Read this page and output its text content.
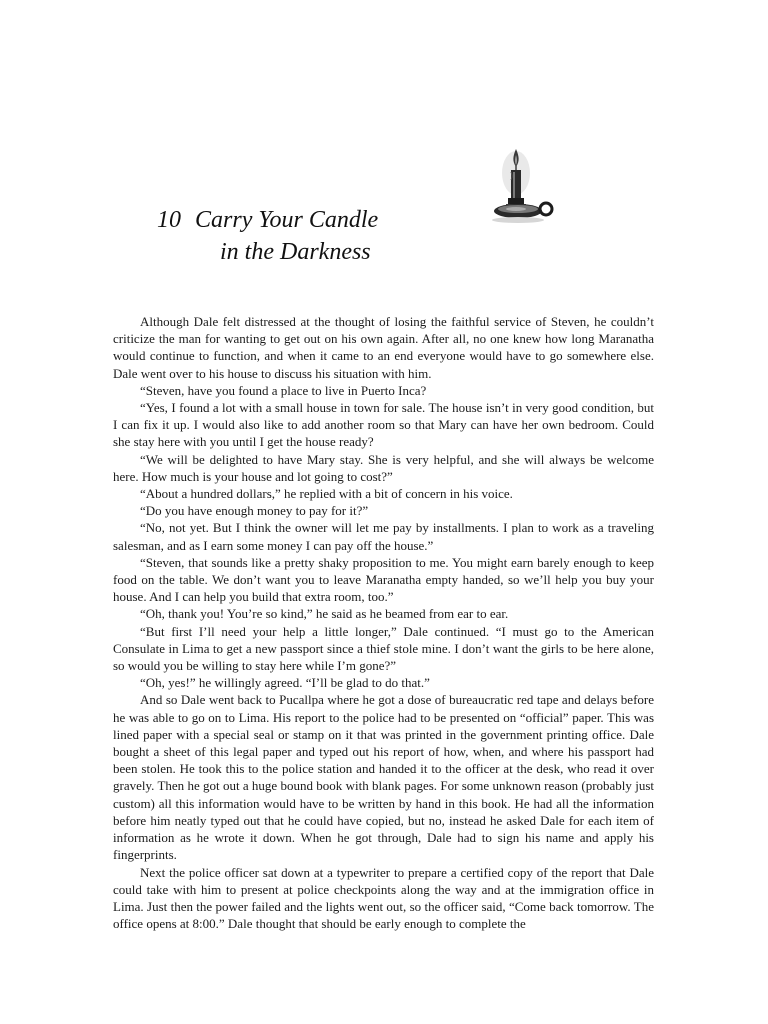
10 Carry Your Candle
in the Darkness

Although Dale felt distressed at the thought of losing the faithful service of Steven, he couldn’t criticize the man for wanting to get out on his own again. After all, no one knew how long Maranatha would continue to function, and when it came to an end everyone would have to go somewhere else. Dale went over to his house to discuss his situation with him.

“Steven, have you found a place to live in Puerto Inca?

“Yes, I found a lot with a small house in town for sale. The house isn’t in very good condition, but I can fix it up. I would also like to add another room so that Mary can have her own bedroom. Could she stay here with you until I get the house ready?

“We will be delighted to have Mary stay. She is very helpful, and she will always be welcome here. How much is your house and lot going to cost?”

“About a hundred dollars,” he replied with a bit of concern in his voice.

“Do you have enough money to pay for it?”

“No, not yet. But I think the owner will let me pay by installments. I plan to work as a traveling salesman, and as I earn some money I can pay off the house.”

“Steven, that sounds like a pretty shaky proposition to me. You might earn barely enough to keep food on the table. We don’t want you to leave Maranatha empty handed, so we’ll help you buy your house. And I can help you build that extra room, too.”

“Oh, thank you! You’re so kind,” he said as he beamed from ear to ear.

“But first I’ll need your help a little longer,” Dale continued. “I must go to the American Consulate in Lima to get a new passport since a thief stole mine. I don’t want the girls to be here alone, so would you be willing to stay here while I’m gone?”

“Oh, yes!” he willingly agreed. “I’ll be glad to do that.”

And so Dale went back to Pucallpa where he got a dose of bureaucratic red tape and delays before he was able to go on to Lima. His report to the police had to be presented on “official” paper. This was lined paper with a special seal or stamp on it that was printed in the government printing office. Dale bought a sheet of this legal paper and typed out his report of how, when, and where his passport had been stolen. He took this to the police station and handed it to the officer at the desk, who read it over gravely. Then he got out a huge bound book with blank pages. For some unknown reason (probably just custom) all this information would have to be written by hand in this book. He had all the information before him neatly typed out that he could have copied, but no, instead he asked Dale for each item of information as he wrote it down. When he got through, Dale had to sign his name and apply his fingerprints.

Next the police officer sat down at a typewriter to prepare a certified copy of the report that Dale could take with him to present at police checkpoints along the way and at the immigration office in Lima. Just then the power failed and the lights went out, so the officer said, “Come back tomorrow. The office opens at 8:00.” Dale thought that should be early enough to complete the
